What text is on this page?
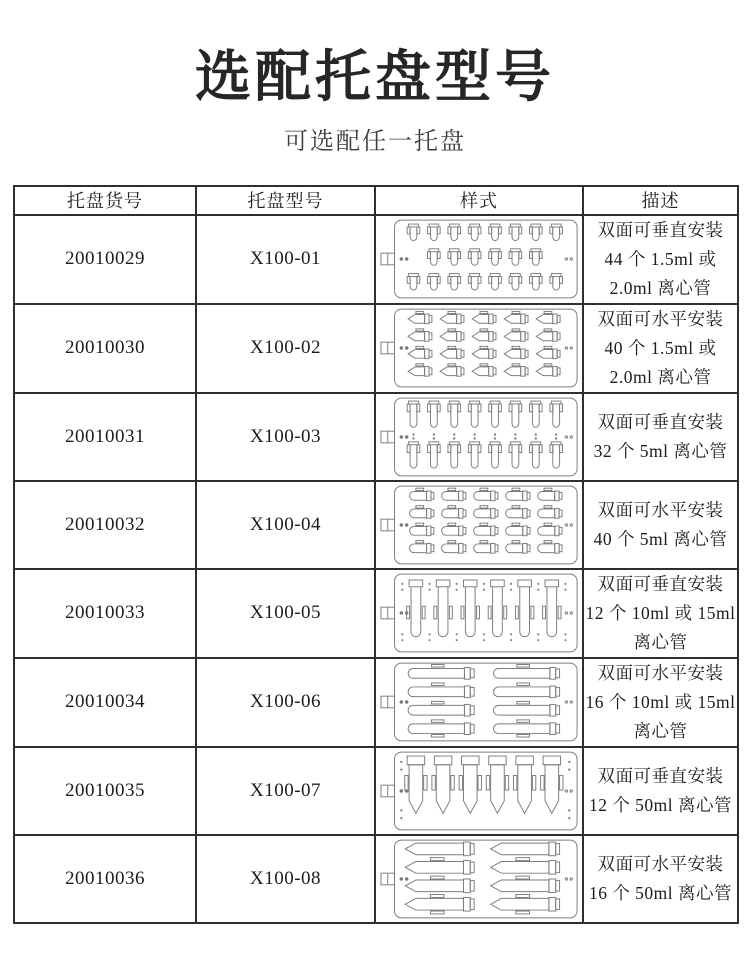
选配托盘型号
可选配任一托盘
托盘货号	托盘型号	样式	描述
20010029	X100-01		双面可垂直安装
44 个 1.5ml 或
2.0ml 离心管

20010030	X100-02		双面可水平安装
40 个 1.5ml 或
2.0ml 离心管

20010031	X100-03		双面可垂直安装
32 个 5ml 离心管

20010032	X100-04		双面可水平安装
40 个 5ml 离心管

20010033	X100-05		双面可垂直安装
12 个 10ml 或 15ml
离心管

20010034	X100-06		双面可水平安装
16 个 10ml 或 15ml
离心管

20010035	X100-07		双面可垂直安装
12 个 50ml 离心管

20010036	X100-08		双面可水平安装
16 个 50ml 离心管
